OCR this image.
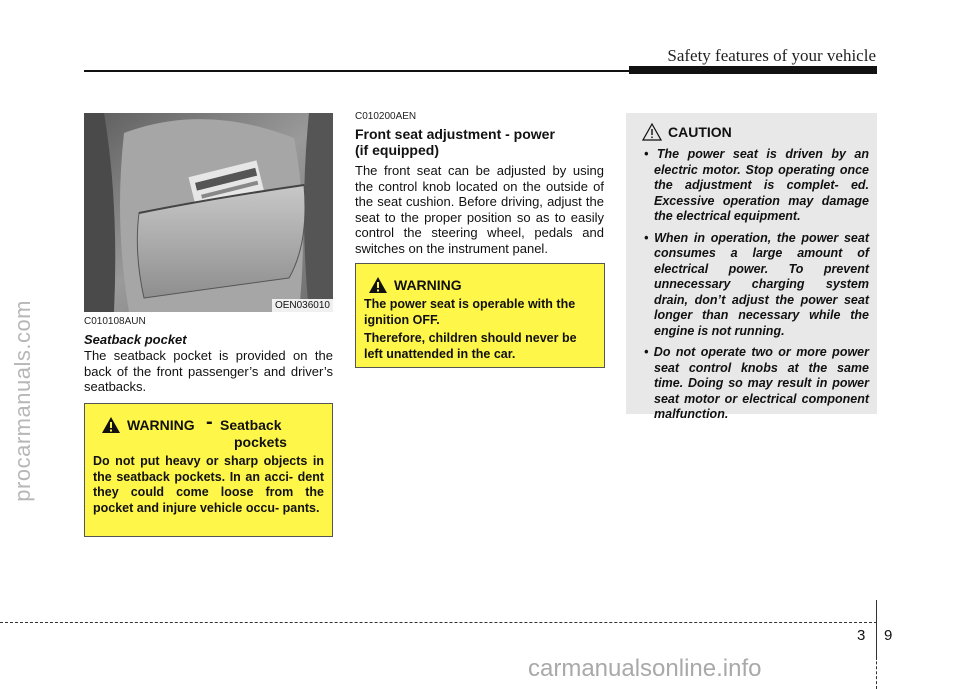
Safety features of your vehicle
procarmanuals.com	OEN036010
C010108AUN
Seatback pocket
The seatback pocket is provided on the back of the front passenger’s and driver’s seatbacks.
WARNING - Seatback
pockets
Do not put heavy or sharp objects in the seatback pockets. In an acci- dent they could come loose from the pocket and injure vehicle occu- pants.
C010200AEN
Front seat adjustment - power
(if equipped)
The front seat can be adjusted by using the control knob located on the outside of the seat cushion. Before driving, adjust the seat to the proper position so as to easily control the steering wheel, pedals and switches on the instrument panel.
WARNING
The power seat is operable with the ignition OFF.
Therefore, children should never be left unattended in the car.
CAUTION

• The power seat is driven by an electric motor. Stop operating once the adjustment is complet- ed. Excessive operation may damage the electrical equipment.

• When in operation, the power seat consumes a large amount of electrical power. To prevent unnecessary charging system drain, don’t adjust the power seat longer than necessary while the engine is not running.

• Do not operate two or more power seat control knobs at the same time. Doing so may result in power seat motor or electrical component malfunction.

3 9
carmanualsonline.info
